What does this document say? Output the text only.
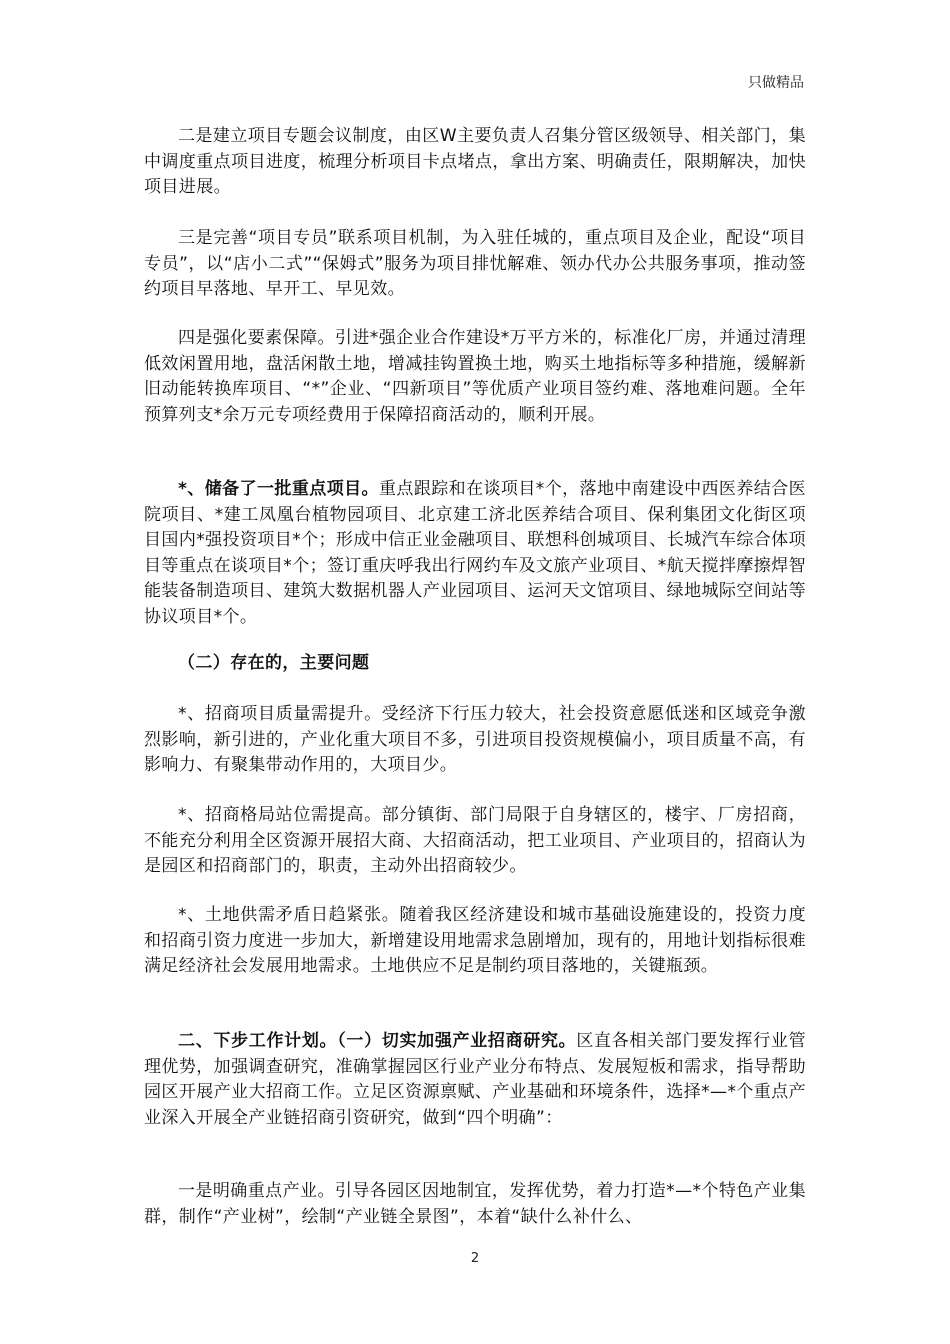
只做精品

二是建立项目专题会议制度，由区W主要负责人召集分管区级领导、相关部门，集中调度重点项目进度，梳理分析项目卡点堵点，拿出方案、明确责任，限期解决，加快项目进展。

三是完善“项目专员”联系项目机制，为入驻任城的，重点项目及企业，配设“项目专员”，以“店小二式”“保姆式”服务为项目排忧解难、领办代办公共服务事项，推动签约项目早落地、早开工、早见效。

四是强化要素保障。引进*强企业合作建设*万平方米的，标准化厂房，并通过清理低效闲置用地，盘活闲散土地，增减挂钩置换土地，购买土地指标等多种措施，缓解新旧动能转换库项目、“*”企业、“四新项目”等优质产业项目签约难、落地难问题。全年预算列支*余万元专项经费用于保障招商活动的，顺利开展。

*、储备了一批重点项目。重点跟踪和在谈项目*个，落地中南建设中西医养结合医院项目、*建工凤凰台植物园项目、北京建工济北医养结合项目、保利集团文化街区项目国内*强投资项目*个；形成中信正业金融项目、联想科创城项目、长城汽车综合体项目等重点在谈项目*个；签订重庆呼我出行网约车及文旅产业项目、*航天搅拌摩擦焊智能装备制造项目、建筑大数据机器人产业园项目、运河天文馆项目、绿地城际空间站等协议项目*个。

（二）存在的，主要问题

*、招商项目质量需提升。受经济下行压力较大，社会投资意愿低迷和区域竞争激烈影响，新引进的，产业化重大项目不多，引进项目投资规模偏小，项目质量不高，有影响力、有聚集带动作用的，大项目少。

*、招商格局站位需提高。部分镇街、部门局限于自身辖区的，楼宇、厂房招商，不能充分利用全区资源开展招大商、大招商活动，把工业项目、产业项目的，招商认为是园区和招商部门的，职责，主动外出招商较少。

*、土地供需矛盾日趋紧张。随着我区经济建设和城市基础设施建设的，投资力度和招商引资力度进一步加大，新增建设用地需求急剧增加，现有的，用地计划指标很难满足经济社会发展用地需求。土地供应不足是制约项目落地的，关键瓶颈。

二、下步工作计划。（一）切实加强产业招商研究。区直各相关部门要发挥行业管理优势，加强调查研究，准确掌握园区行业产业分布特点、发展短板和需求，指导帮助园区开展产业大招商工作。立足区资源禀赋、产业基础和环境条件，选择*—*个重点产业深入开展全产业链招商引资研究，做到“四个明确”：

一是明确重点产业。引导各园区因地制宜，发挥优势，着力打造*—*个特色产业集群，制作“产业树”，绘制“产业链全景图”，本着“缺什么补什么、

2
